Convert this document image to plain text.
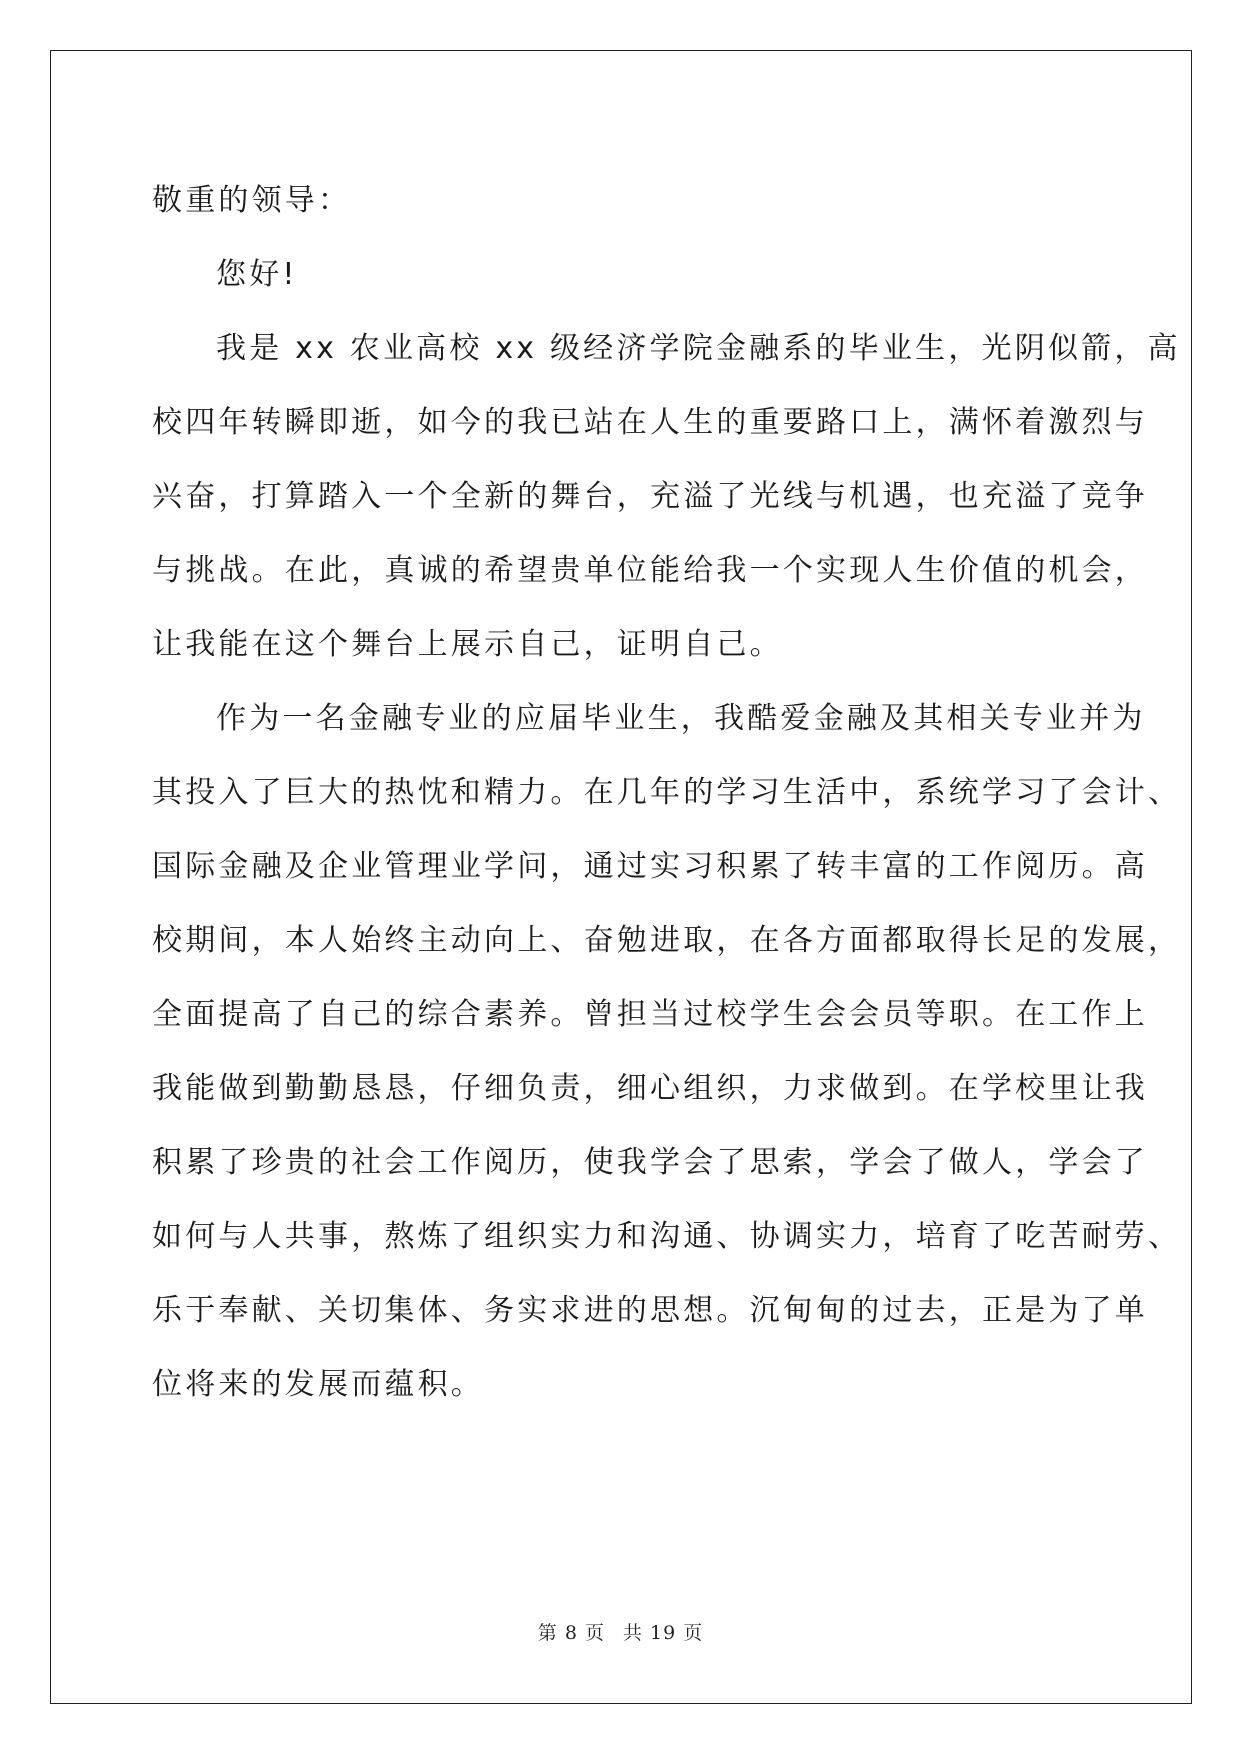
敬重的领导：
您好!
我是 xx 农业高校 xx 级经济学院金融系的毕业生，光阴似箭，高
校四年转瞬即逝，如今的我已站在人生的重要路口上，满怀着激烈与
兴奋，打算踏入一个全新的舞台，充溢了光线与机遇，也充溢了竞争
与挑战。在此，真诚的希望贵单位能给我一个实现人生价值的机会，
让我能在这个舞台上展示自己，证明自己。
作为一名金融专业的应届毕业生，我酷爱金融及其相关专业并为
其投入了巨大的热忱和精力。在几年的学习生活中，系统学习了会计、
国际金融及企业管理业学问，通过实习积累了转丰富的工作阅历。高
校期间，本人始终主动向上、奋勉进取，在各方面都取得长足的发展，
全面提高了自己的综合素养。曾担当过校学生会会员等职。在工作上
我能做到勤勤恳恳，仔细负责，细心组织，力求做到。在学校里让我
积累了珍贵的社会工作阅历，使我学会了思索，学会了做人，学会了
如何与人共事，熬炼了组织实力和沟通、协调实力，培育了吃苦耐劳、
乐于奉献、关切集体、务实求进的思想。沉甸甸的过去，正是为了单
位将来的发展而蕴积。
第 8 页 共 19 页
